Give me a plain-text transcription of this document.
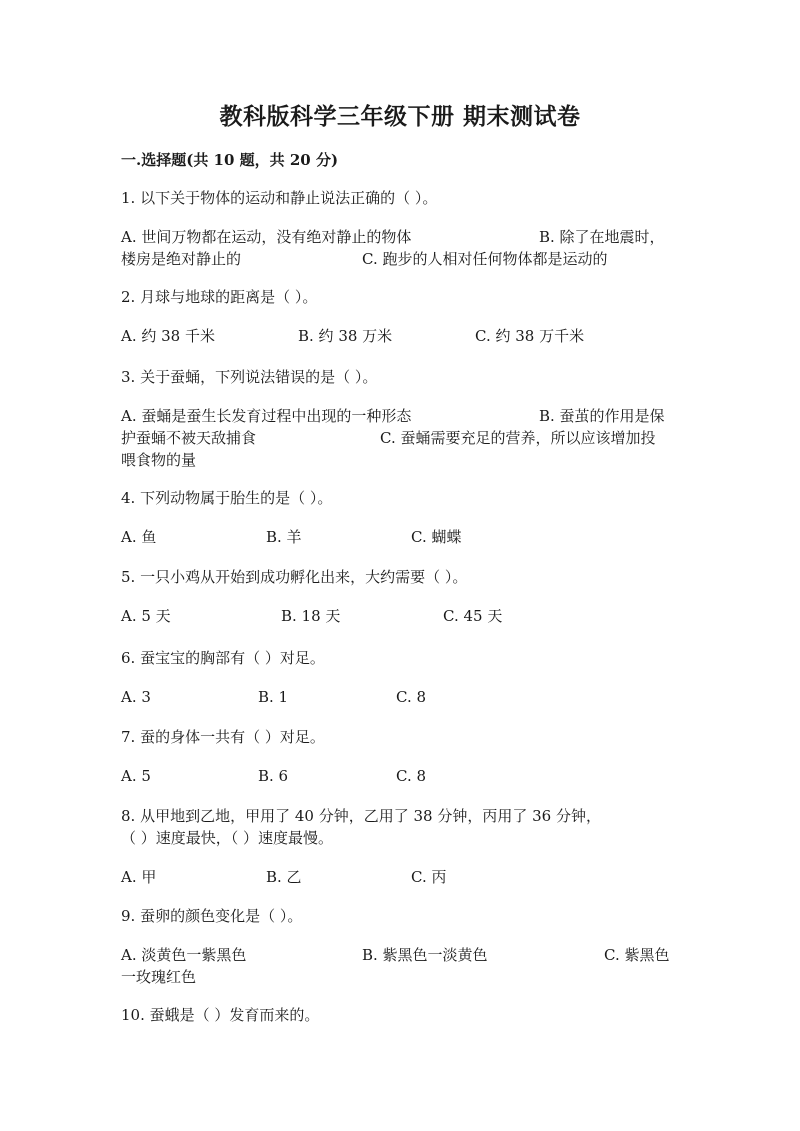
教科版科学三年级下册 期末测试卷
一.选择题(共 10 题，共 20 分)
1. 以下关于物体的运动和静止说法正确的（ ）。
A. 世间万物都在运动，没有绝对静止的物体	B. 除了在地震时，
楼房是绝对静止的	C. 跑步的人相对任何物体都是运动的
2. 月球与地球的距离是（ ）。
A. 约 38 千米	B. 约 38 万米	C. 约 38 万千米
3. 关于蚕蛹，下列说法错误的是（ ）。
A. 蚕蛹是蚕生长发育过程中出现的一种形态	B. 蚕茧的作用是保
护蚕蛹不被天敌捕食	C. 蚕蛹需要充足的营养，所以应该增加投
喂食物的量
4. 下列动物属于胎生的是（ ）。
A. 鱼	B. 羊	C. 蝴蝶
5. 一只小鸡从开始到成功孵化出来，大约需要（ ）。
A. 5 天	B. 18 天	C. 45 天
6. 蚕宝宝的胸部有（ ）对足。
A. 3	B. 1	C. 8
7. 蚕的身体一共有（ ）对足。
A. 5	B. 6	C. 8
8. 从甲地到乙地，甲用了 40 分钟，乙用了 38 分钟，丙用了 36 分钟，
（ ）速度最快，（ ）速度最慢。
A. 甲	B. 乙	C. 丙
9. 蚕卵的颜色变化是（ ）。
A. 淡黄色一紫黑色	B. 紫黑色一淡黄色	C. 紫黑色
一玫瑰红色
10. 蚕蛾是（ ）发育而来的。
